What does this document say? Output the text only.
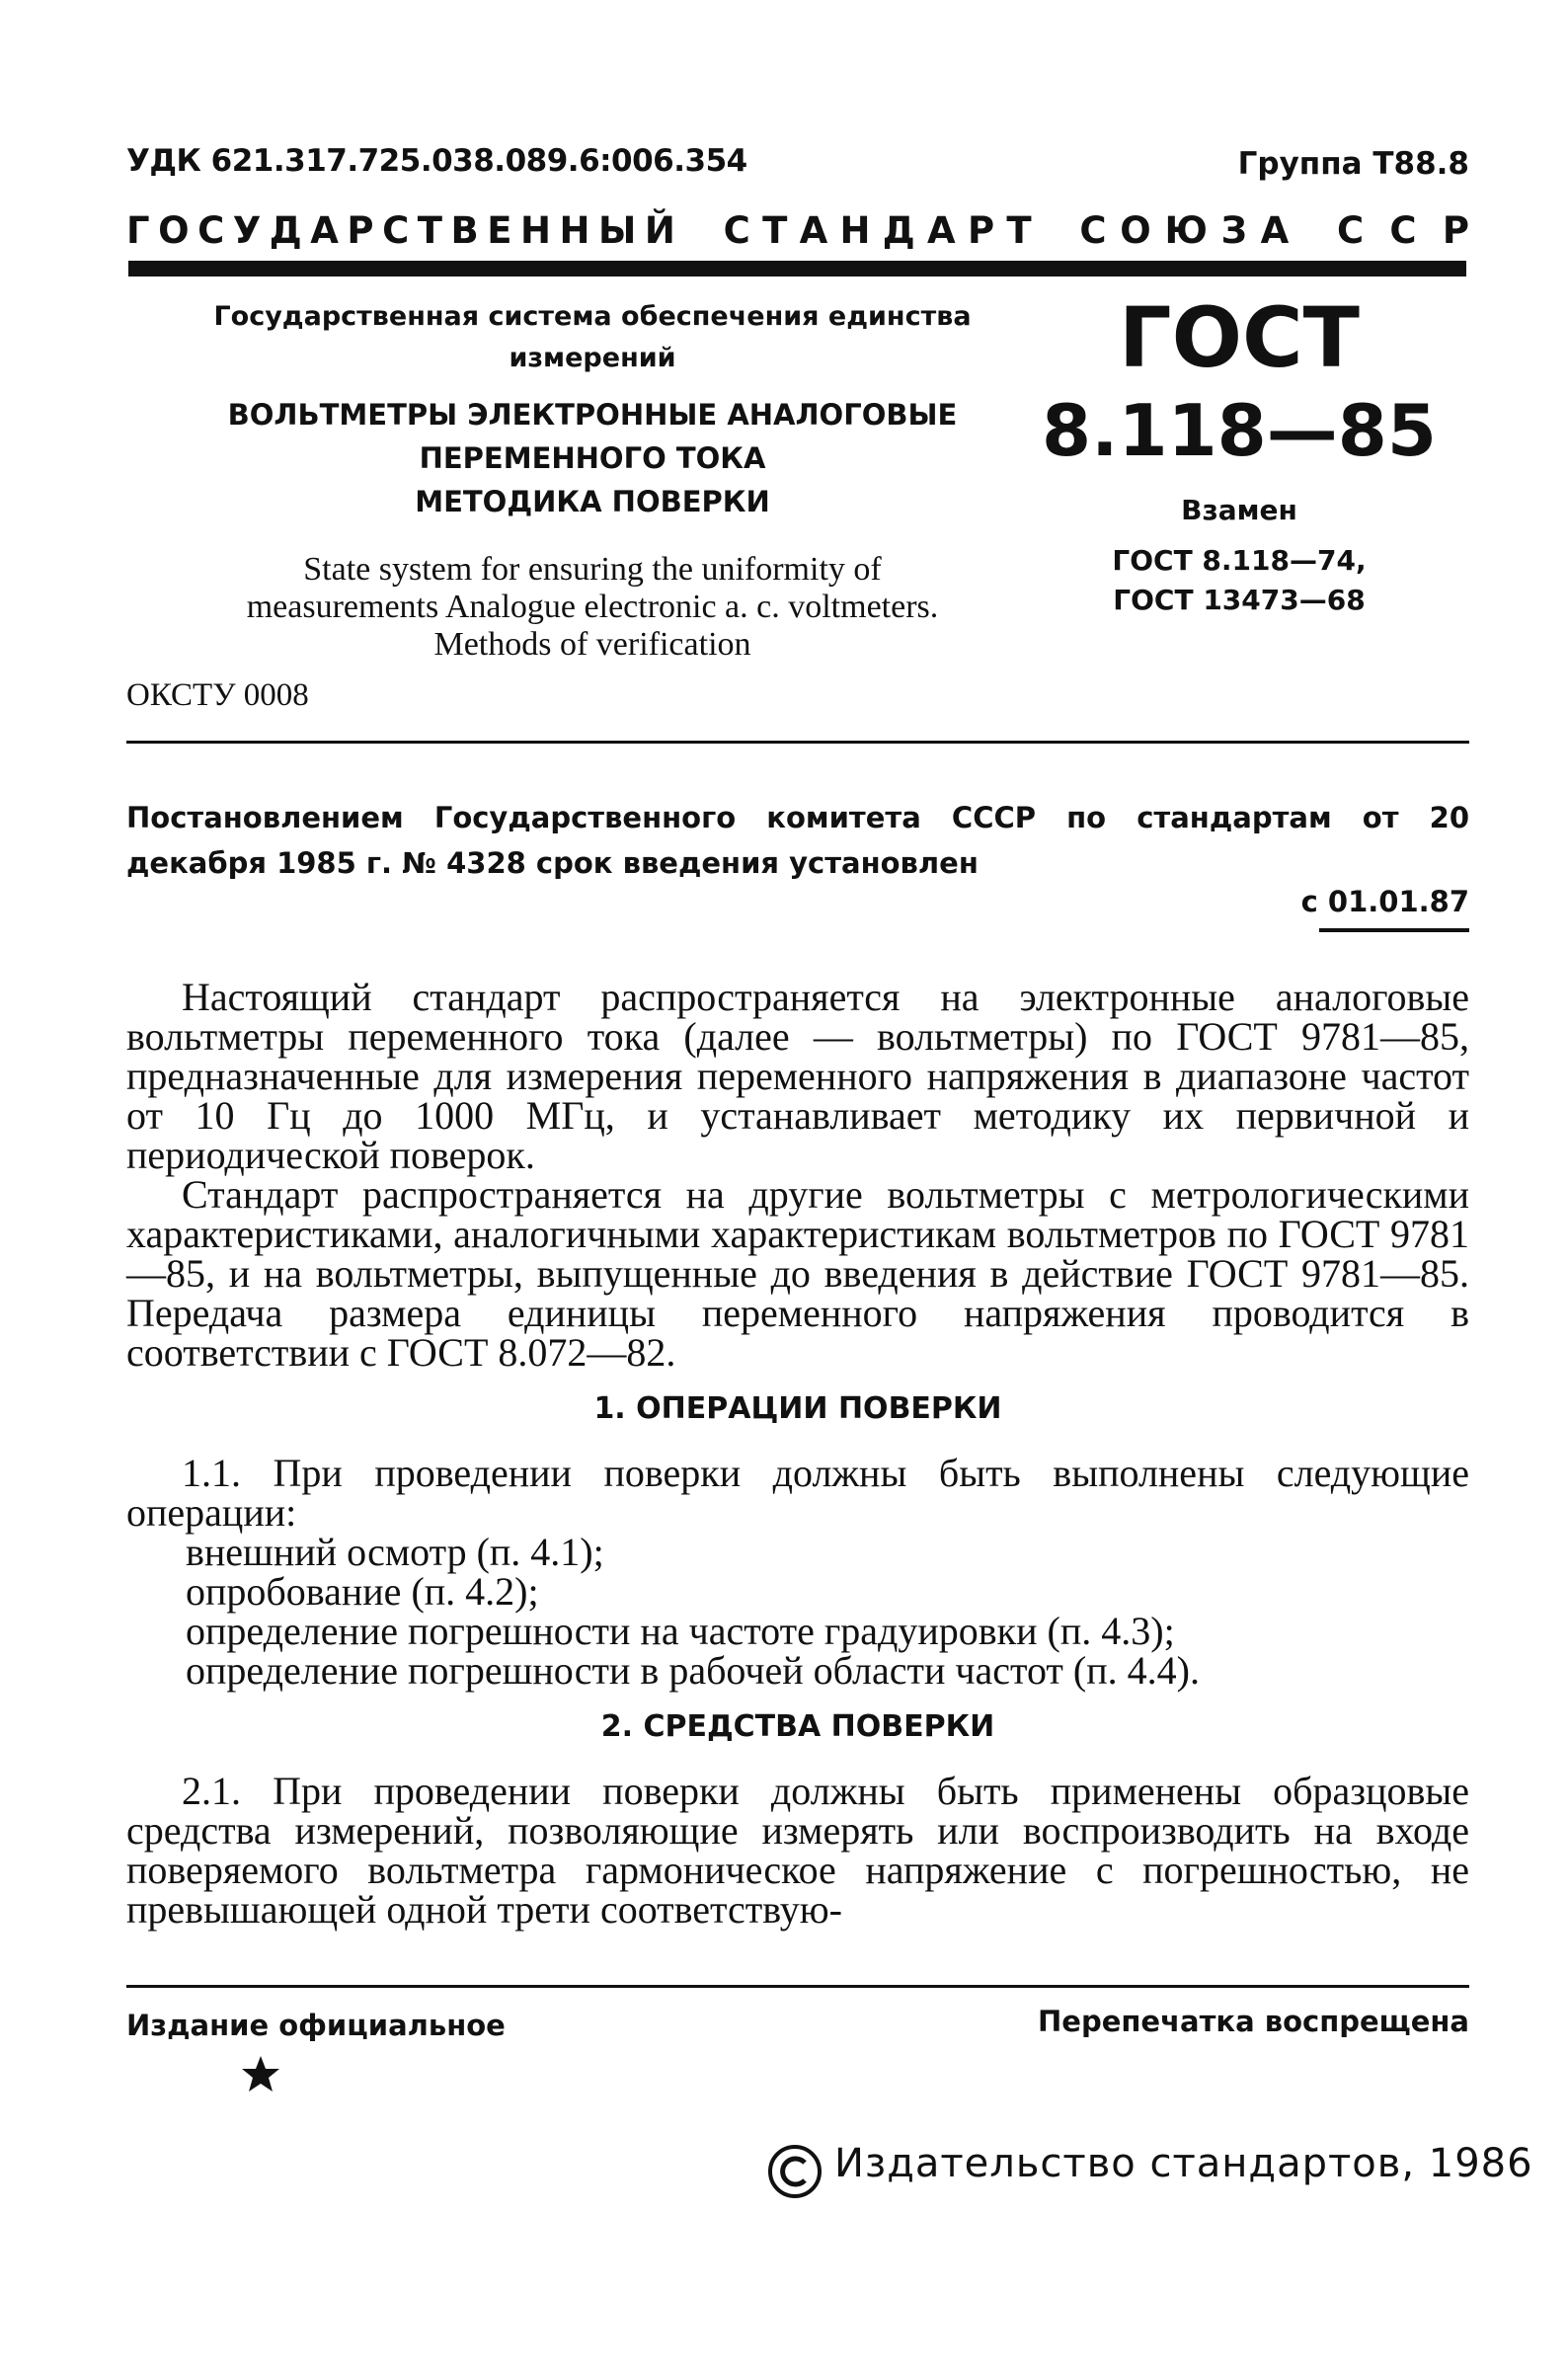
УДК 621.317.725.038.089.6:006.354	Группа Т88.8
Г О С У Д А Р С Т В Е Н Н Ы Й С Т А Н Д А Р Т С О Ю З А С С Р
Государственная система обеспечения единства измерений
ВОЛЬТМЕТРЫ ЭЛЕКТРОННЫЕ АНАЛОГОВЫЕ
ПЕРЕМЕННОГО ТОКА
МЕТОДИКА ПОВЕРКИ
State system for ensuring the uniformity of
measurements Analogue electronic a. c. voltmeters.
Methods of verification
ОКСТУ 0008
ГОСТ
8.118—85
Взамен
ГОСТ 8.118—74,
ГОСТ 13473—68
Постановлением Государственного комитета СССР по стандартам от 20 декабря 1985 г. № 4328 срок введения установлен
с 01.01.87

Настоящий стандарт распространяется на электронные аналоговые вольтметры переменного тока (далее — вольтметры) по ГОСТ 9781—85, предназначенные для измерения переменного напряжения в диапазоне частот от 10 Гц до 1000 МГц, и устанавливает методику их первичной и периодической поверок.

Стандарт распространяется на другие вольтметры с метрологическими характеристиками, аналогичными характеристикам вольтметров по ГОСТ 9781—85, и на вольтметры, выпущенные до введения в действие ГОСТ 9781—85. Передача размера единицы переменного напряжения проводится в соответствии с ГОСТ 8.072—82.

1. ОПЕРАЦИИ ПОВЕРКИ

1.1. При проведении поверки должны быть выполнены следующие операции:

внешний осмотр (п. 4.1);

опробование (п. 4.2);

определение погрешности на частоте градуировки (п. 4.3);

определение погрешности в рабочей области частот (п. 4.4).

2. СРЕДСТВА ПОВЕРКИ

2.1. При проведении поверки должны быть применены образцовые средства измерений, позволяющие измерять или воспроизводить на входе поверяемого вольтметра гармоническое напряжение с погрешностью, не превышающей одной трети соответствую-

Издание официальное	Перепечатка воспрещена
Издательство стандартов, 1986
